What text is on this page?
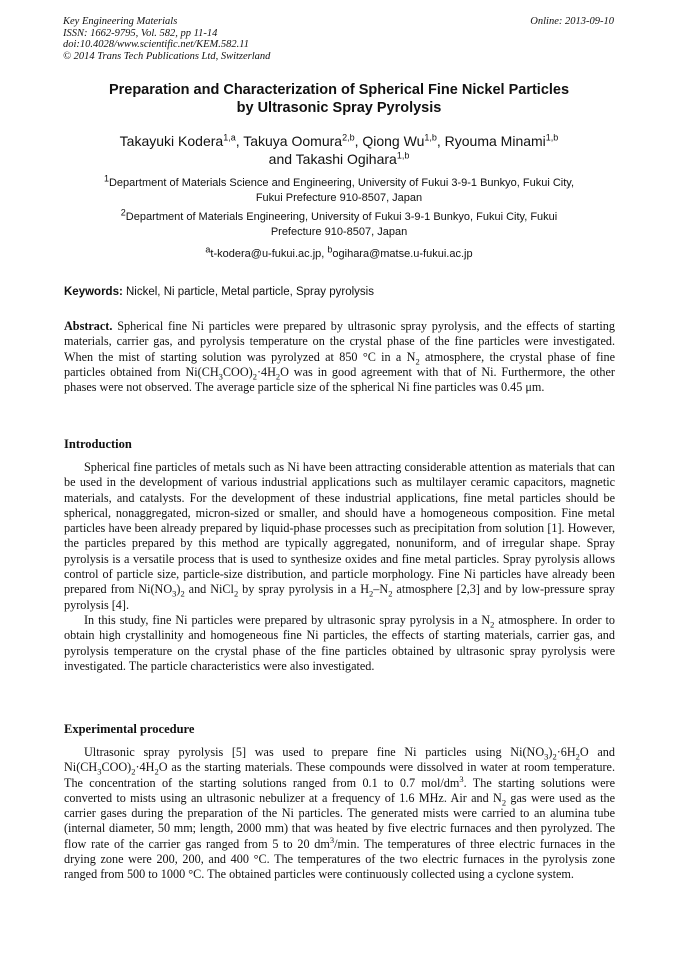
Key Engineering Materials
ISSN: 1662-9795, Vol. 582, pp 11-14
doi:10.4028/www.scientific.net/KEM.582.11
© 2014 Trans Tech Publications Ltd, Switzerland
Online: 2013-09-10
Preparation and Characterization of Spherical Fine Nickel Particles
by Ultrasonic Spray Pyrolysis
Takayuki Kodera$^{1,a}$, Takuya Oomura$^{2,b}$, Qiong Wu$^{1,b}$, Ryouma Minami$^{1,b}$
and Takashi Ogihara$^{1,b}$
$^1$Department of Materials Science and Engineering, University of Fukui 3-9-1 Bunkyo, Fukui City,
Fukui Prefecture 910-8507, Japan
$^2$Department of Materials Engineering, University of Fukui 3-9-1 Bunkyo, Fukui City, Fukui
Prefecture 910-8507, Japan
$^a$t-kodera@u-fukui.ac.jp, $^b$ogihara@matse.u-fukui.ac.jp
Keywords: Nickel, Ni particle, Metal particle, Spray pyrolysis

Abstract. Spherical fine Ni particles were prepared by ultrasonic spray pyrolysis, and the effects of starting materials, carrier gas, and pyrolysis temperature on the crystal phase of the fine particles were investigated. When the mist of starting solution was pyrolyzed at 850 °C in a $N_2$ atmosphere, the crystal phase of fine particles obtained from $Ni(CH_3COO)_2\cdot 4H_2O$ was in good agreement with that of Ni. Furthermore, the other phases were not observed. The average particle size of the spherical Ni fine particles was 0.45 μm.

Introduction

Spherical fine particles of metals such as Ni have been attracting considerable attention as materials that can be used in the development of various industrial applications such as multilayer ceramic capacitors, magnetic materials, and catalysts. For the development of these industrial applications, fine metal particles should be spherical, nonaggregated, micron-sized or smaller, and should have a homogeneous composition. Fine metal particles have been already prepared by liquid-phase processes such as precipitation from solution [1]. However, the particles prepared by this method are typically aggregated, nonuniform, and of irregular shape. Spray pyrolysis is a versatile process that is used to synthesize oxides and fine metal particles. Spray pyrolysis allows control of particle size, particle-size distribution, and particle morphology. Fine Ni particles have already been prepared from $Ni(NO_3)_2$ and NiCl$_2$ by spray pyrolysis in a $H_2-N_2$ atmosphere [2,3] and by low-pressure spray pyrolysis [4].

In this study, fine Ni particles were prepared by ultrasonic spray pyrolysis in a $N_2$ atmosphere. In order to obtain high crystallinity and homogeneous fine Ni particles, the effects of starting materials, carrier gas, and pyrolysis temperature on the crystal phase of the fine particles obtained by ultrasonic spray pyrolysis were investigated. The particle characteristics were also investigated.

Experimental procedure

Ultrasonic spray pyrolysis [5] was used to prepare fine Ni particles using $Ni(NO_3)_2\cdot 6H_2O$ and $Ni(CH_3COO)_2\cdot 4H_2O$ as the starting materials. These compounds were dissolved in water at room temperature. The concentration of the starting solutions ranged from 0.1 to 0.7 mol/$dm^3$. The starting solutions were converted to mists using an ultrasonic nebulizer at a frequency of 1.6 MHz. Air and $N_2$ gas were used as the carrier gases during the preparation of the Ni particles. The generated mists were carried to an alumina tube (internal diameter, 50 mm; length, 2000 mm) that was heated by five electric furnaces and then pyrolyzed. The flow rate of the carrier gas ranged from 5 to 20 $dm^3/\min$. The temperatures of three electric furnaces in the drying zone were 200, 200, and 400 °C. The temperatures of the two electric furnaces in the pyrolysis zone ranged from 500 to 1000 °C. The obtained particles were continuously collected using a cyclone system.
